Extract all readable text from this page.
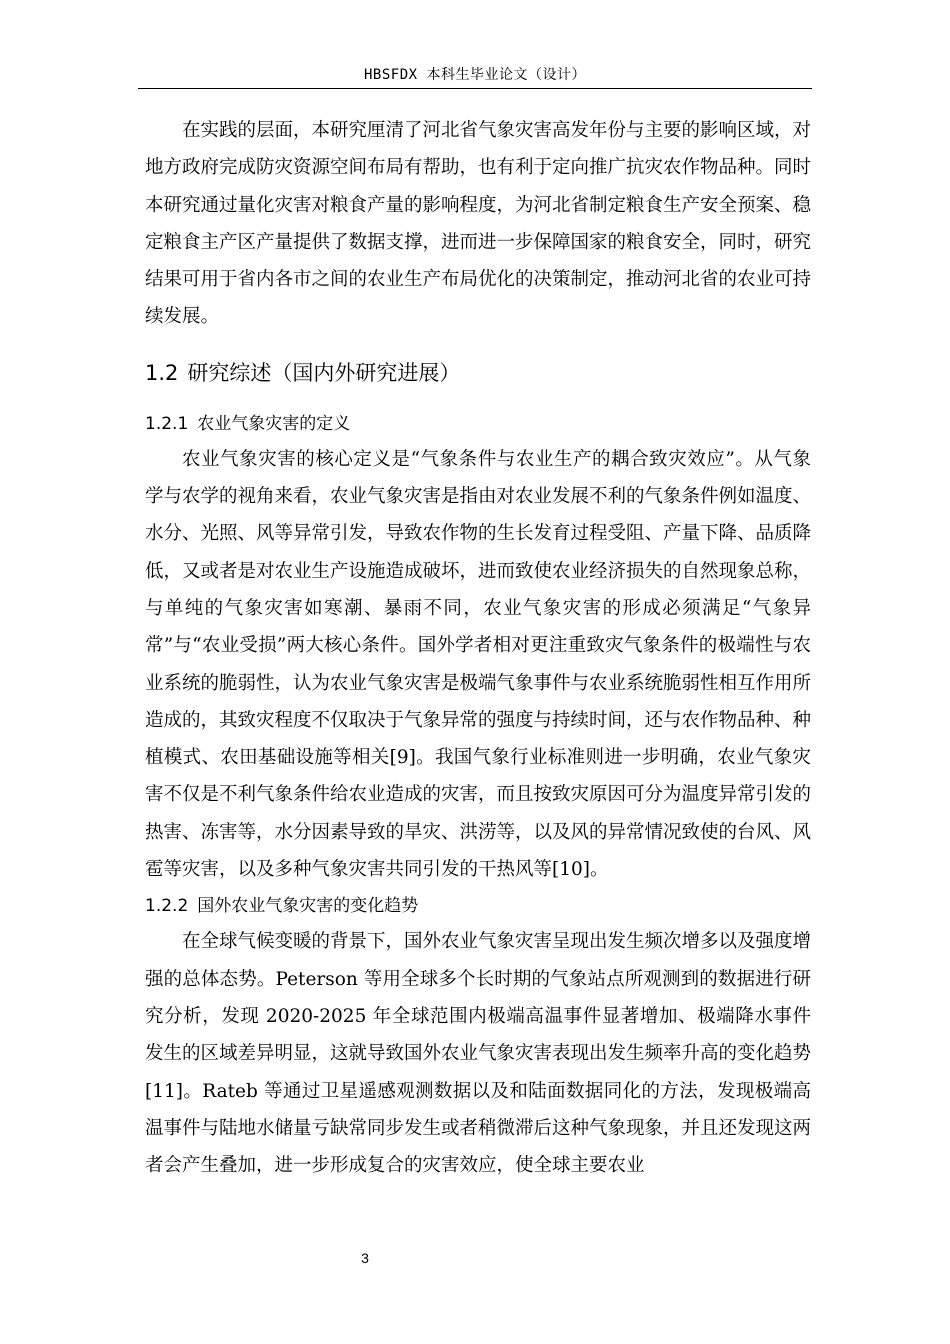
HBSFDX 本科生毕业论文（设计）

在实践的层面，本研究厘清了河北省气象灾害高发年份与主要的影响区域，对地方政府完成防灾资源空间布局有帮助，也有利于定向推广抗灾农作物品种。同时本研究通过量化灾害对粮食产量的影响程度，为河北省制定粮食生产安全预案、稳定粮食主产区产量提供了数据支撑，进而进一步保障国家的粮食安全，同时，研究结果可用于省内各市之间的农业生产布局优化的决策制定，推动河北省的农业可持续发展。

1.2 研究综述（国内外研究进展）
1.2.1 农业气象灾害的定义

农业气象灾害的核心定义是“气象条件与农业生产的耦合致灾效应”。从气象学与农学的视角来看，农业气象灾害是指由对农业发展不利的气象条件例如温度、水分、光照、风等异常引发，导致农作物的生长发育过程受阻、产量下降、品质降低，又或者是对农业生产设施造成破坏，进而致使农业经济损失的自然现象总称，与单纯的气象灾害如寒潮、暴雨不同，农业气象灾害的形成必须满足“气象异常”与“农业受损”两大核心条件。国外学者相对更注重致灾气象条件的极端性与农业系统的脆弱性，认为农业气象灾害是极端气象事件与农业系统脆弱性相互作用所造成的，其致灾程度不仅取决于气象异常的强度与持续时间，还与农作物品种、种植模式、农田基础设施等相关[9]。我国气象行业标准则进一步明确，农业气象灾害不仅是不利气象条件给农业造成的灾害，而且按致灾原因可分为温度异常引发的热害、冻害等，水分因素导致的旱灾、洪涝等，以及风的异常情况致使的台风、风雹等灾害，以及多种气象灾害共同引发的干热风等[10]。

1.2.2 国外农业气象灾害的变化趋势

在全球气候变暖的背景下，国外农业气象灾害呈现出发生频次增多以及强度增强的总体态势。Peterson 等用全球多个长时期的气象站点所观测到的数据进行研究分析，发现 2020-2025 年全球范围内极端高温事件显著增加、极端降水事件发生的区域差异明显，这就导致国外农业气象灾害表现出发生频率升高的变化趋势[11]。Rateb 等通过卫星遥感观测数据以及和陆面数据同化的方法，发现极端高温事件与陆地水储量亏缺常同步发生或者稍微滞后这种气象现象，并且还发现这两者会产生叠加，进一步形成复合的灾害效应，使全球主要农业

3
